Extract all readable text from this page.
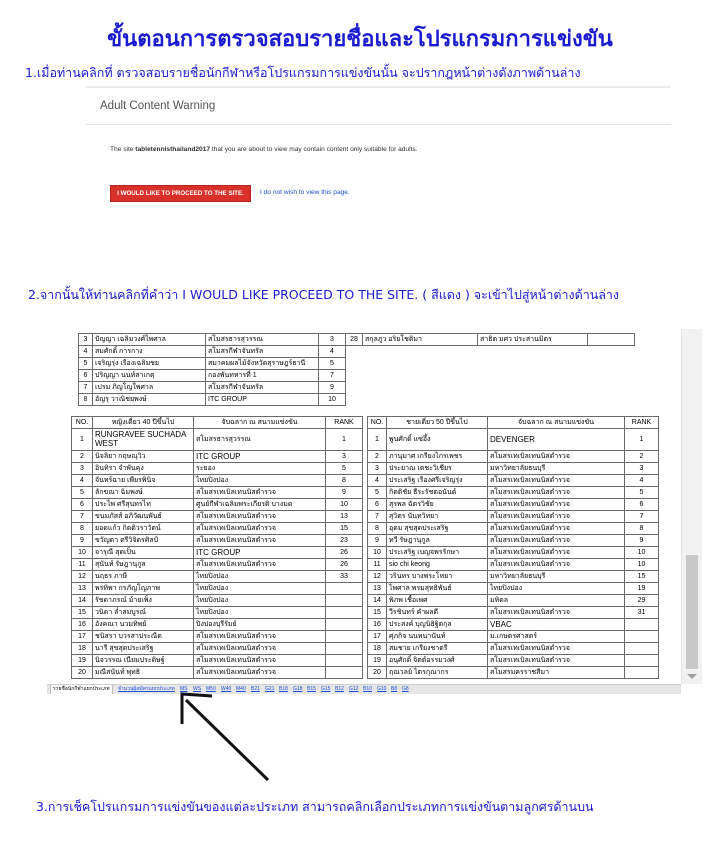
ขั้นตอนการตรวจสอบรายชื่อและโปรแกรมการแข่งขัน
1.เมื่อท่านคลิกที่ ตรวจสอบรายชื่อนักกีฬาหรือโปรแกรมการแข่งขันนั้น จะปรากฎหน้าต่างดังภาพด้านล่าง
Adult Content Warning
The site tabletennisthailand2017 that you are about to view may contain content only suitable for adults.
I WOULD LIKE TO PROCEED TO THE SITE.	I do not wish to view this page.
2.จากนั้นให้ท่านคลิกที่คำว่า I WOULD LIKE PROCEED TO THE SITE. ( สีแดง ) จะเข้าไปสู่หน้าต่างด้านล่าง
3	ปัญญา เฉลิมวงศ์ไพศาล	สโมสรธารสุวรรณ	3	28	สกุลภูว อริยโชติมา	สาธิต มศว ประสานมิตร	
4	สมศักดิ์ การกาง	สโมสรกีฬาจันทรัล	4				
5	เจริญรุ่ง เรืองเฉลิมชย	สมาคมผลไม้จังหวัดสุราษฎร์ธานี	5				
6	ปริญญา นนท์สาเกตุ	กองพันทหารที่ 1	7				
7	เปรม ภิญโญใพศาล	สโมสรกีฬาจันทรัล	9				
8	อัญรุ วาณิชยพงษ์	ITC GROUP	10				
NO.	หญิงเดี่ยว 40 ปีขึ้นไป	จับฉลาก ณ สนามแข่งขัน	RANK
1	RUNGRAVEE SUCHADA WEST	สโมสรธารสุวรรณ	1
2	นิจลิยา กฤษณุวิว	ITC GROUP	3
3	อินทิรา จำพันคุง	ระยอง	5
4	จันทร์ฉาย เพียรพินิจ	ไทยปิงปอง	8
5	ลักขณา ฉิมพงษ์	สโมสรเทเบิลเทนนิสตำรวจ	9
6	ประไพ ศรีสุนทรไท	ศูนย์กีฬาเฉลิมพระเกียรติ บางมด	10
7	ขนมภัสส์ อภิวัฒนพันธ์	สโมสรเทเบิลเทนนิสตำรวจ	13
8	ยอดแก้ว กิตติวราวัตน์	สโมสรเทเบิลเทนนิสตำรวจ	15
9	ขวัญตา ตรีวิจิตรศิลป์	สโมสรเทเบิลเทนนิสตำรวจ	23
10	จารุณี สุดเป็น	ITC GROUP	26
11	สุนันท์ รัษฎานุกูล	สโมสรเทเบิลเทนนิสตำรวจ	26
12	นฤธร ภาษี	ไทยปิงปอง	33
13	พรทิพา กรภัญโญภาพ	ไทยปิงปอง	
14	รัชดาภรณ์ ม้ายเพ็ง	ไทยปิงปอง	
15	วนิดา ล่ำสมบูรณ์	ไทยปิงปอง	
16	อังคณา นวมทิพย์	ปิงปองบุรีรัมย์	
17	ชนิสรา บวรสาประณีต	สโมสรเทเบิลเทนนิสตำรวจ	
18	นารี สุขสุดประเสริฐ	สโมสรเทเบิลเทนนิสตำรวจ	
19	นิจวรรณ เนียมประดิษฐ์	สโมสรเทเบิลเทนนิสตำรวจ	
20	มณีสนันท์ พุทธิ	สโมสรเทเบิลเทนนิสตำรวจ	
NO.	ชายเดี่ยว 50 ปีขึ้นไป	จับฉลาก ณ สนามแข่งขัน	RANK
1	พูนศักดิ์ แซ่อึ้ง	DEVENGER	1
2	ภานุมาศ เกรียงไกรเพชร	สโมสรเทเบิลเทนนิสตำรวจ	2
3	ประยาณ เตชะวิเชียร	มหาวิทยาลัยธนบุรี	3
4	ประเสริฐ เรืองศรีเจริญรุ่ง	สโมสรเทเบิลเทนนิสตำรวจ	4
5	กิตติชัย ธีระรัชตอนันต์	สโมสรเทเบิลเทนนิสตำรวจ	5
6	สุรพล ฉัตรวิชัย	สโมสรเทเบิลเทนนิสตำรวจ	6
7	สุวิตร นันทวิทยา	สโมสรเทเบิลเทนนิสตำรวจ	7
8	อุดม สุขสุดประเสริฐ	สโมสรเทเบิลเทนนิสตำรวจ	8
9	ทวี รัษฎานุกูล	สโมสรเทเบิลเทนนิสตำรวจ	9
10	ประเสริฐ เบญจพรรักษา	สโมสรเทเบิลเทนนิสตำรวจ	10
11	sio chi keong	สโมสรเทเบิลเทนนิสตำรวจ	10
12	วรินทร บางพระโหยา	มหาวิทยาลัยธนบุรี	15
13	ไพศาล พรมสุทธิพันธ์	ไทยปิงปอง	19
14	พิภพ เชื้อเพศ	มหิดล	29
15	วีรชินทร์ คำผลดี	สโมสรเทเบิลเทนนิสตำรวจ	31
16	ประสงค์ บุญนิธิฐิตกุล	VBAC	
17	ศุภกิจ นนทนานันท์	ม.เกษตรศาสตร์	
18	สมชาย เกรียงชาตรี	สโมสรเทเบิลเทนนิสตำรวจ	
19	อนุศักดิ์ จิตต์อรรมวงศ์	สโมสรเทเบิลเทนนิสตำรวจ	
20	ฤณวลย์ ไตรกุณากร	สโมสรมครราชสีมา	
รายชื่อนักกีฬาแยกประเภท	จำนวนผู้สมัครแยกประเภท MS WS M50 W40 M40 B21 G21 B18 G18 B15 G15 B12 G12 B10 G10 B8 G8
3.การเช็คโปรแกรมการแข่งขันของแต่ละประเภท สามารถคลิกเลือกประเภทการแข่งขันตามลูกศรด้านบน
